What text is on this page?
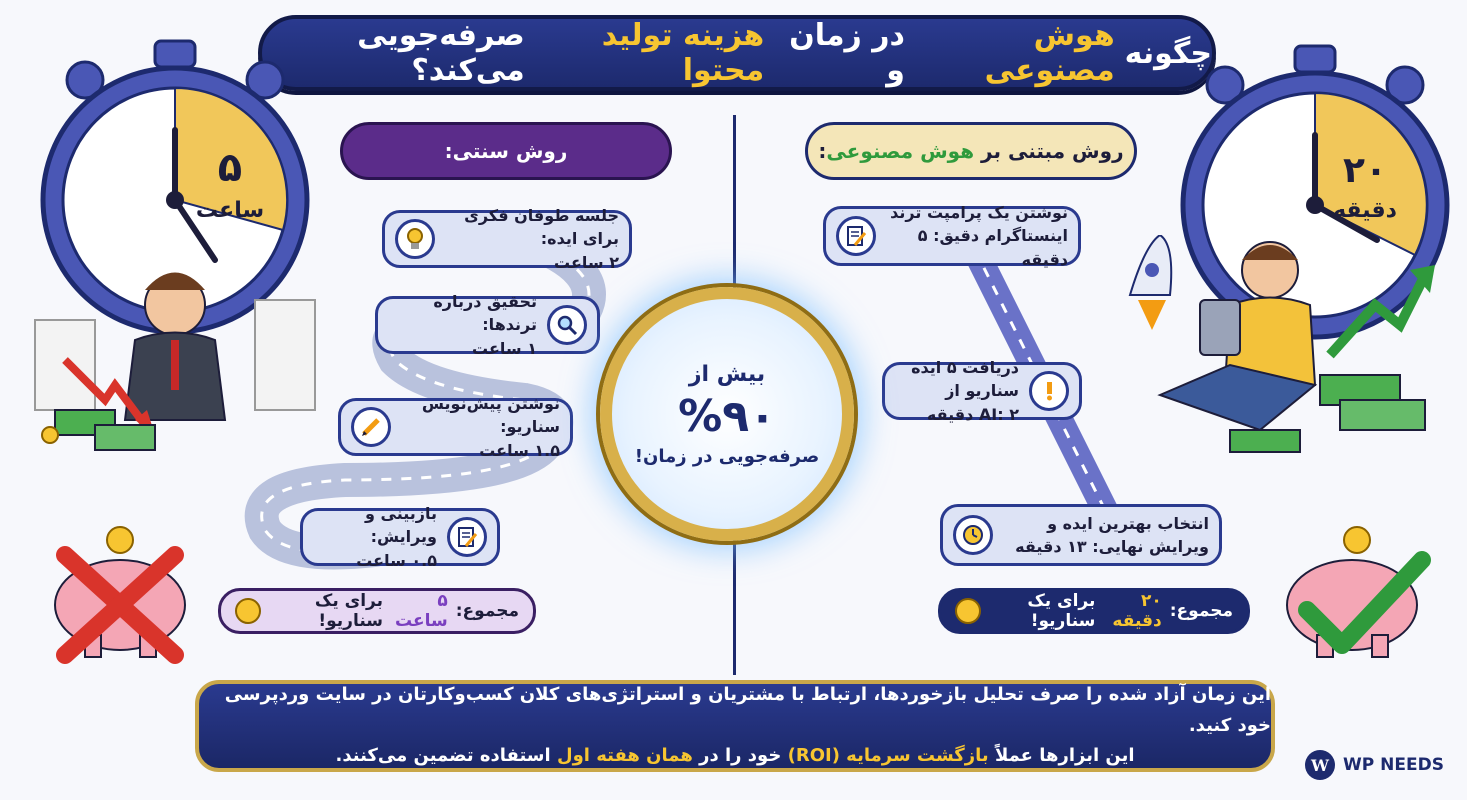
چگونه
هوش مصنوعی
در زمان و
هزینه تولید محتوا
صرفه‌جویی می‌کند؟
۵
ساعت
۲۰
دقیقه
روش سنتی:	روش مبتنی بر

هوش مصنوعی
:
جلسه طوفان فکری برای ایده:
۲ ساعت
تحقیق درباره ترندها:
۱ ساعت
نوشتن پیش‌نویس سناریو:
۱.۵ ساعت
بازبینی و ویرایش:
۰.۵ ساعت
نوشتن یک پرامپت ترند
اینستاگرام دقیق: ۵ دقیقه
دریافت ۵ ایده سناریو از
AI: ۲ دقیقه
انتخاب بهترین ایده و
ویرایش نهایی: ۱۳ دقیقه
بیش از
%۹۰
صرفه‌جویی در زمان!
مجموع:
۵ ساعت
برای یک سناریو!	مجموع:
۲۰ دقیقه
برای یک سناریو!
این زمان آزاد شده را صرف تحلیل بازخوردها، ارتباط با مشتریان و استراتژی‌های کلان کسب‌وکارتان در سایت وردپرسی خود کنید.
این ابزارها عملاً بازگشت سرمایه (ROI) خود را در همان هفته اول استفاده تضمین می‌کنند.	W WP NEEDS
